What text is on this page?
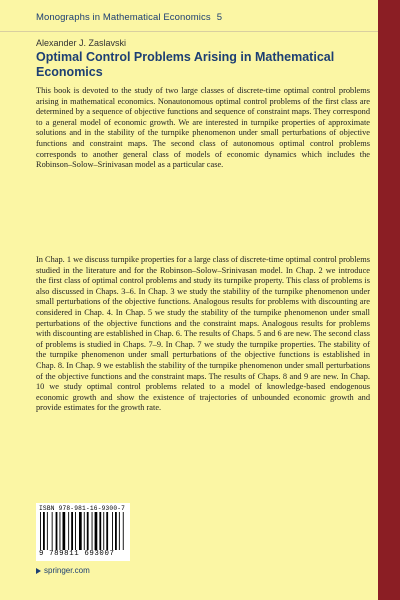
Monographs in Mathematical Economics 5
Alexander J. Zaslavski
Optimal Control Problems Arising in Mathematical Economics

This book is devoted to the study of two large classes of discrete-time optimal control problems arising in mathematical economics. Nonautonomous optimal control problems of the first class are determined by a sequence of objective functions and sequence of constraint maps. They correspond to a general model of economic growth. We are interested in turnpike properties of approximate solutions and in the stability of the turnpike phenomenon under small perturbations of objective functions and constraint maps. The second class of autonomous optimal control problems corresponds to another general class of models of economic dynamics which includes the Robinson–Solow–Srinivasan model as a particular case.

In Chap. 1 we discuss turnpike properties for a large class of discrete-time optimal control problems studied in the literature and for the Robinson–Solow–Srinivasan model. In Chap. 2 we introduce the first class of optimal control problems and study its turnpike property. This class of problems is also discussed in Chaps. 3–6. In Chap. 3 we study the stability of the turnpike phenomenon under small perturbations of the objective functions. Analogous results for problems with discounting are considered in Chap. 4. In Chap. 5 we study the stability of the turnpike phenomenon under small perturbations of the objective functions and the constraint maps. Analogous results for problems with discounting are established in Chap. 6. The results of Chaps. 5 and 6 are new. The second class of problems is studied in Chaps. 7–9. In Chap. 7 we study the turnpike properties. The stability of the turnpike phenomenon under small perturbations of the objective functions is established in Chap. 8. In Chap. 9 we establish the stability of the turnpike phenomenon under small perturbations of the objective functions and the constraint maps. The results of Chaps. 8 and 9 are new. In Chap. 10 we study optimal control problems related to a model of knowledge-based endogenous economic growth and show the existence of trajectories of unbounded economic growth and provide estimates for the growth rate.

ISBN 978-981-16-9300-7
9 789811 693007
springer.com
